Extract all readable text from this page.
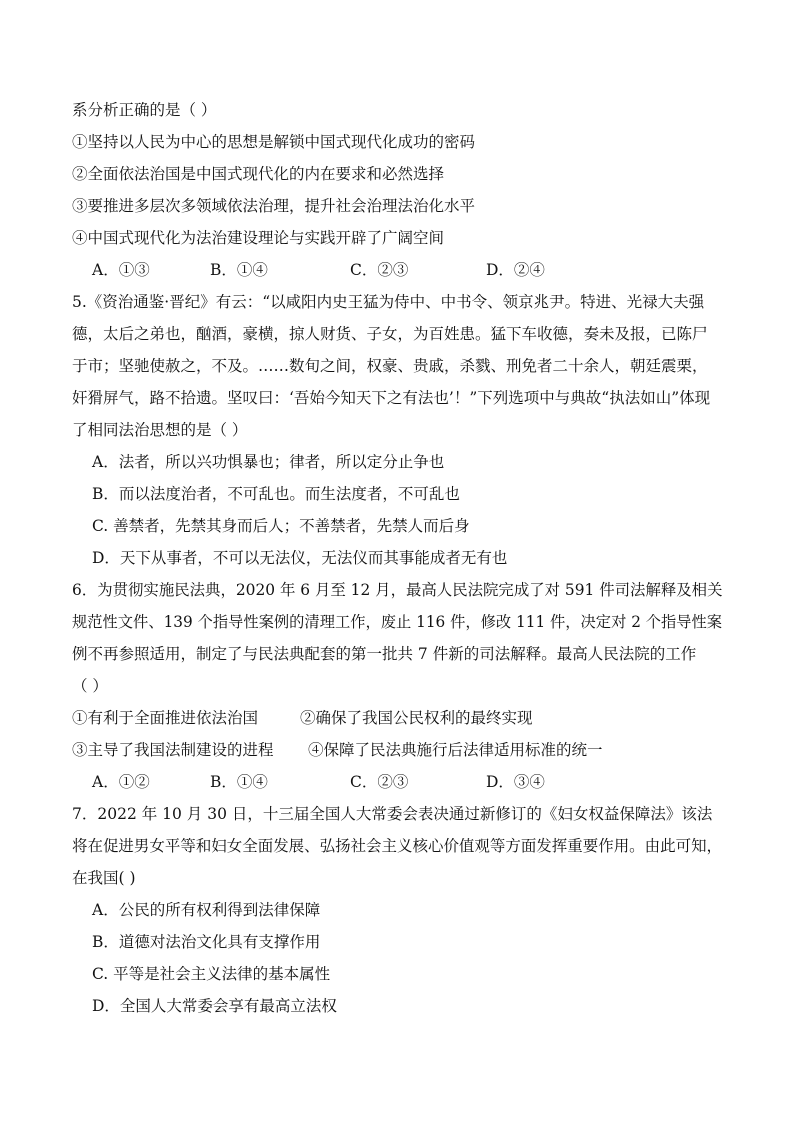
系分析正确的是（ ）
①坚持以人民为中心的思想是解锁中国式现代化成功的密码
②全面依法治国是中国式现代化的内在要求和必然选择
③要推进多层次多领域依法治理，提升社会治理法治化水平
④中国式现代化为法治建设理论与实践开辟了广阔空间
A．①③	B．①④	C．②③	D．②④
5.《资治通鉴·晋纪》有云：“以咸阳内史王猛为侍中、中书令、领京兆尹。特进、光禄大夫强
德，太后之弟也，酗酒，豪横，掠人财货、子女，为百姓患。猛下车收德，奏未及报，已陈尸
于市；坚驰使赦之，不及。……数旬之间，权豪、贵戚，杀戮、刑免者二十余人，朝廷震栗，
奸猾屏气，路不拾遗。坚叹曰：‘吾始今知天下之有法也’！”下列选项中与典故“执法如山”体现
了相同法治思想的是（ ）
A．法者，所以兴功惧暴也；律者，所以定分止争也
B．而以法度治者，不可乱也。而生法度者，不可乱也
C. 善禁者，先禁其身而后人；不善禁者，先禁人而后身
D．天下从事者，不可以无法仪，无法仪而其事能成者无有也
6．为贯彻实施民法典，2020 年 6 月至 12 月，最高人民法院完成了对 591 件司法解释及相关
规范性文件、139 个指导性案例的清理工作，废止 116 件，修改 111 件，决定对 2 个指导性案
例不再参照适用，制定了与民法典配套的第一批共 7 件新的司法解释。最高人民法院的工作
（ ）
①有利于全面推进依法治国	②确保了我国公民权利的最终实现
③主导了我国法制建设的进程 ④保障了民法典施行后法律适用标准的统一
A．①②	B．①④	C．②③	D．③④
7．2022 年 10 月 30 日，十三届全国人大常委会表决通过新修订的《妇女权益保障法》该法
将在促进男女平等和妇女全面发展、弘扬社会主义核心价值观等方面发挥重要作用。由此可知，
在我国( )
A．公民的所有权利得到法律保障
B．道德对法治文化具有支撑作用
C. 平等是社会主义法律的基本属性
D．全国人大常委会享有最高立法权
